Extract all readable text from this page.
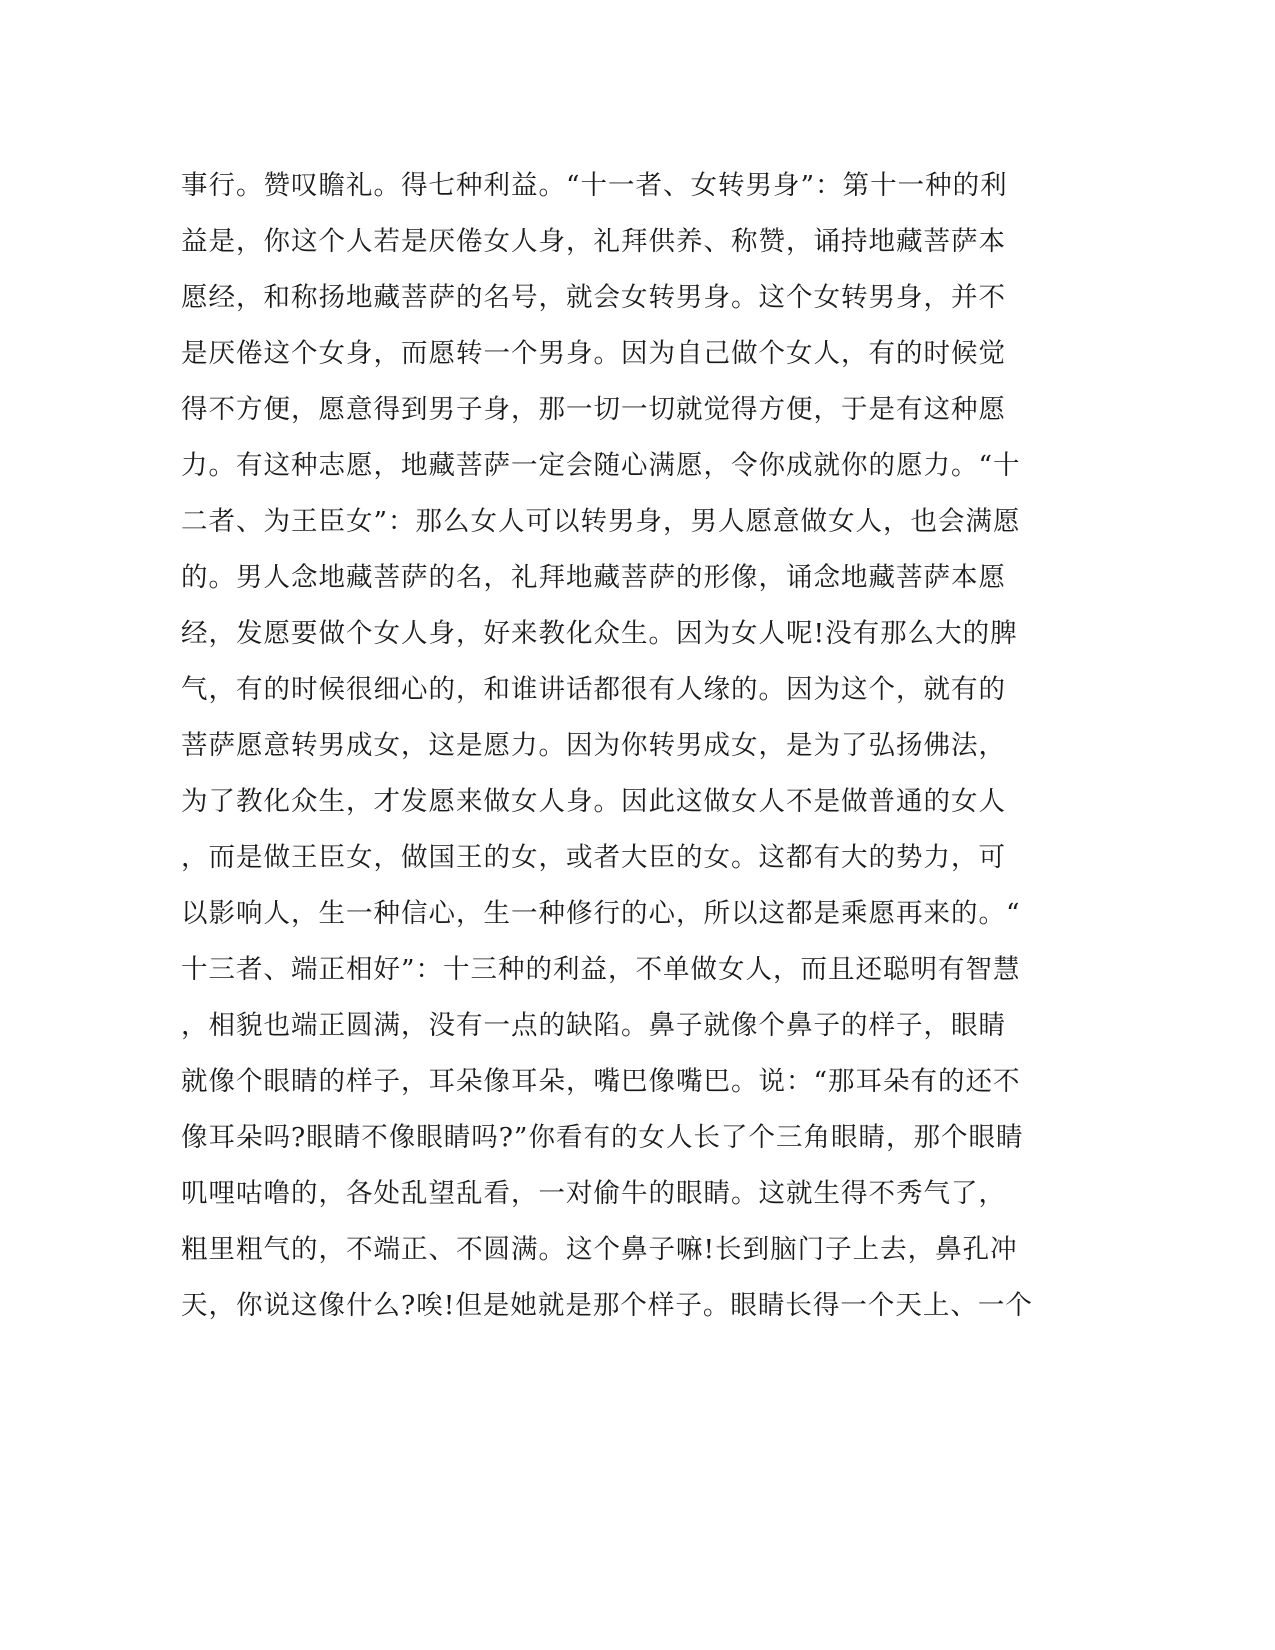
事行。赞叹瞻礼。得七种利益。“十一者、女转男身”：第十一种的利
益是，你这个人若是厌倦女人身，礼拜供养、称赞，诵持地藏菩萨本
愿经，和称扬地藏菩萨的名号，就会女转男身。这个女转男身，并不
是厌倦这个女身，而愿转一个男身。因为自己做个女人，有的时候觉
得不方便，愿意得到男子身，那一切一切就觉得方便，于是有这种愿
力。有这种志愿，地藏菩萨一定会随心满愿，令你成就你的愿力。“十
二者、为王臣女”：那么女人可以转男身，男人愿意做女人，也会满愿
的。男人念地藏菩萨的名，礼拜地藏菩萨的形像，诵念地藏菩萨本愿
经，发愿要做个女人身，好来教化众生。因为女人呢!没有那么大的脾
气，有的时候很细心的，和谁讲话都很有人缘的。因为这个，就有的
菩萨愿意转男成女，这是愿力。因为你转男成女，是为了弘扬佛法，
为了教化众生，才发愿来做女人身。因此这做女人不是做普通的女人
，而是做王臣女，做国王的女，或者大臣的女。这都有大的势力，可
以影响人，生一种信心，生一种修行的心，所以这都是乘愿再来的。“
十三者、端正相好”：十三种的利益，不单做女人，而且还聪明有智慧
，相貌也端正圆满，没有一点的缺陷。鼻子就像个鼻子的样子，眼睛
就像个眼睛的样子，耳朵像耳朵，嘴巴像嘴巴。说：“那耳朵有的还不
像耳朵吗?眼睛不像眼睛吗?”你看有的女人长了个三角眼睛，那个眼睛
叽哩咕噜的，各处乱望乱看，一对偷牛的眼睛。这就生得不秀气了，
粗里粗气的，不端正、不圆满。这个鼻子嘛!长到脑门子上去，鼻孔冲
天，你说这像什么?唉!但是她就是那个样子。眼睛长得一个天上、一个
